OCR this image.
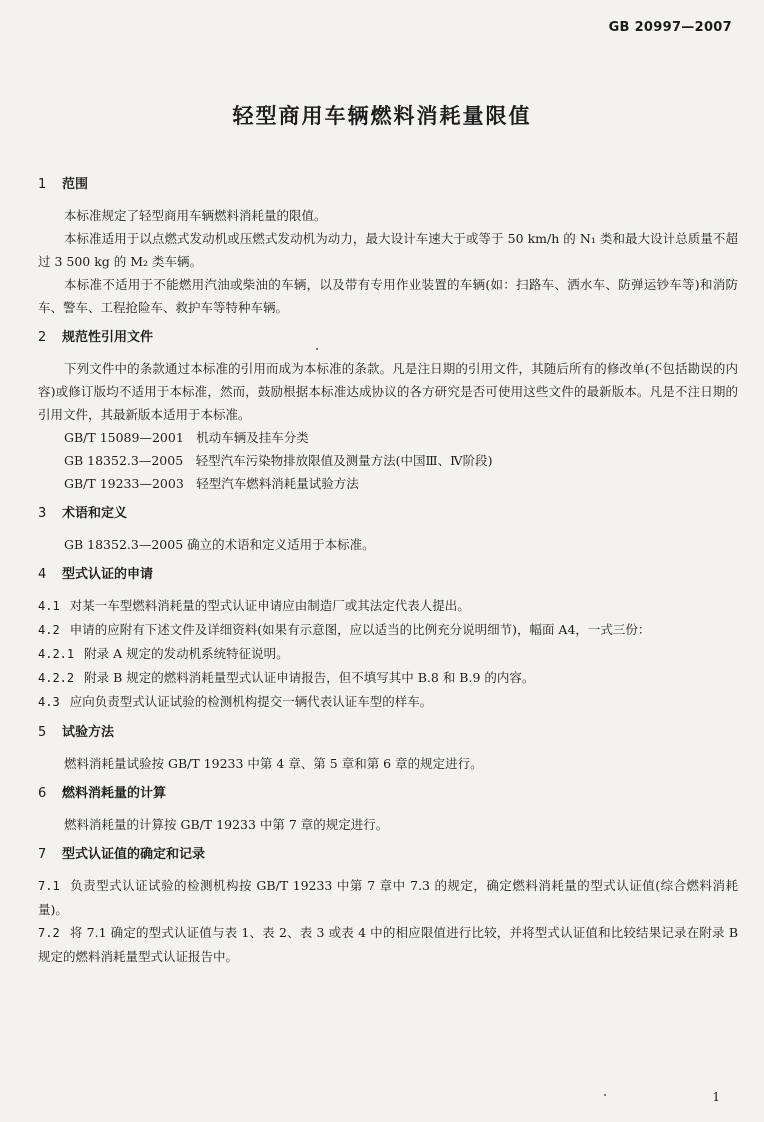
GB 20997—2007
轻型商用车辆燃料消耗量限值
1 范围

本标准规定了轻型商用车辆燃料消耗量的限值。

本标准适用于以点燃式发动机或压燃式发动机为动力，最大设计车速大于或等于 50 km/h 的 N₁ 类和最大设计总质量不超过 3 500 kg 的 M₂ 类车辆。

本标准不适用于不能燃用汽油或柴油的车辆，以及带有专用作业装置的车辆(如：扫路车、洒水车、防弹运钞车等)和消防车、警车、工程抢险车、救护车等特种车辆。

2 规范性引用文件

下列文件中的条款通过本标准的引用而成为本标准的条款。凡是注日期的引用文件，其随后所有的修改单(不包括勘误的内容)或修订版均不适用于本标准，然而，鼓励根据本标准达成协议的各方研究是否可使用这些文件的最新版本。凡是不注日期的引用文件，其最新版本适用于本标准。

GB/T 15089—2001　机动车辆及挂车分类

GB 18352.3—2005　轻型汽车污染物排放限值及测量方法(中国Ⅲ、Ⅳ阶段)

GB/T 19233—2003　轻型汽车燃料消耗量试验方法

3 术语和定义

GB 18352.3—2005 确立的术语和定义适用于本标准。

4 型式认证的申请
4.1 对某一车型燃料消耗量的型式认证申请应由制造厂或其法定代表人提出。
4.2 申请的应附有下述文件及详细资料(如果有示意图，应以适当的比例充分说明细节)，幅面 A4，一式三份：
4.2.1 附录 A 规定的发动机系统特征说明。
4.2.2 附录 B 规定的燃料消耗量型式认证申请报告，但不填写其中 B.8 和 B.9 的内容。
4.3 应向负责型式认证试验的检测机构提交一辆代表认证车型的样车。
5 试验方法

燃料消耗量试验按 GB/T 19233 中第 4 章、第 5 章和第 6 章的规定进行。

6 燃料消耗量的计算

燃料消耗量的计算按 GB/T 19233 中第 7 章的规定进行。

7 型式认证值的确定和记录
7.1 负责型式认证试验的检测机构按 GB/T 19233 中第 7 章中 7.3 的规定，确定燃料消耗量的型式认证值(综合燃料消耗量)。
7.2 将 7.1 确定的型式认证值与表 1、表 2、表 3 或表 4 中的相应限值进行比较，并将型式认证值和比较结果记录在附录 B 规定的燃料消耗量型式认证报告中。
1
